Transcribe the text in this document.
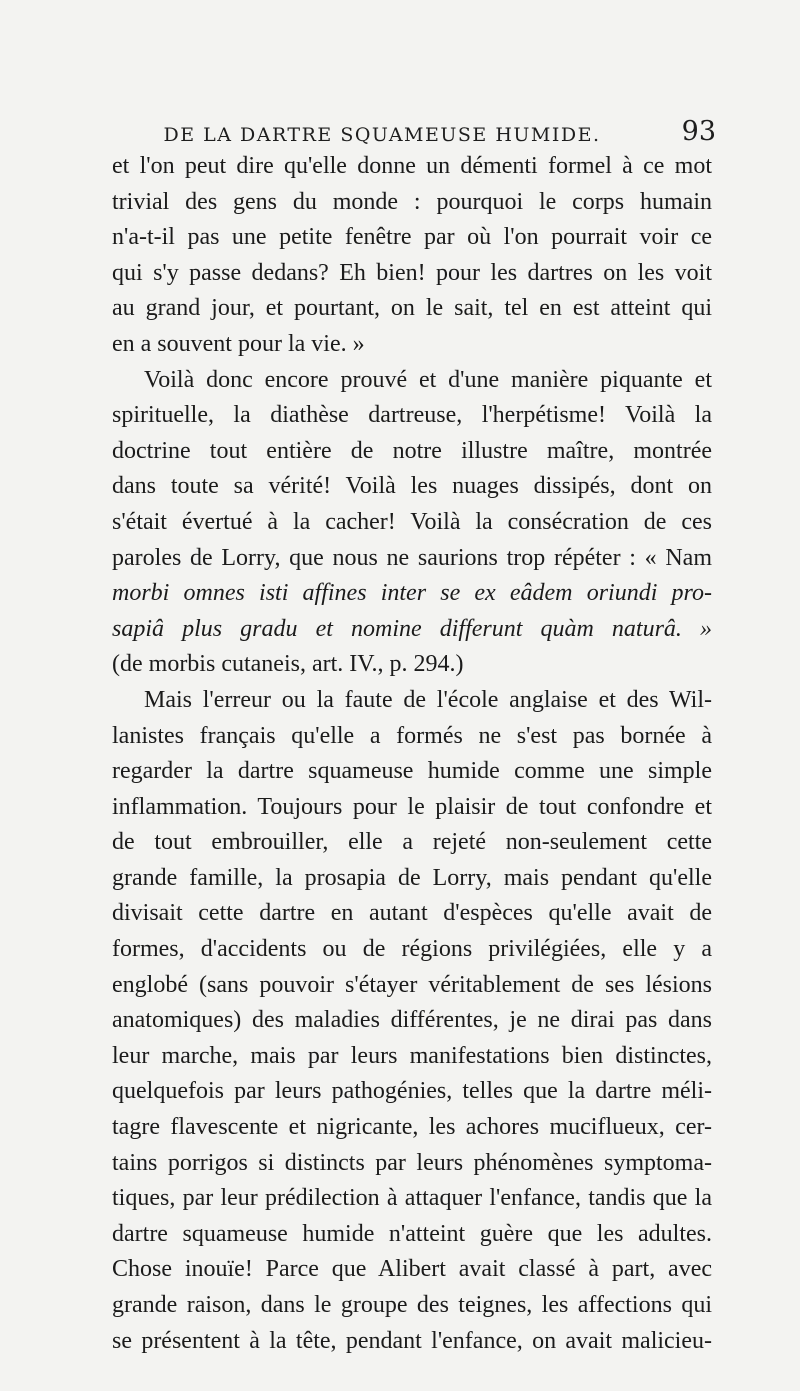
DE LA DARTRE SQUAMEUSE HUMIDE.	93

et l'on peut dire qu'elle donne un démenti formel à ce mot
trivial des gens du monde : pourquoi le corps humain
n'a-t-il pas une petite fenêtre par où l'on pourrait voir ce
qui s'y passe dedans? Eh bien! pour les dartres on les voit
au grand jour, et pourtant, on le sait, tel en est atteint qui
en a souvent pour la vie. »

Voilà donc encore prouvé et d'une manière piquante et
spirituelle, la diathèse dartreuse, l'herpétisme! Voilà la
doctrine tout entière de notre illustre maître, montrée
dans toute sa vérité! Voilà les nuages dissipés, dont on
s'était évertué à la cacher! Voilà la consécration de ces
paroles de Lorry, que nous ne saurions trop répéter : « Nam
morbi omnes isti affines inter se ex eâdem oriundi pro-
sapiâ plus gradu et nomine differunt quàm naturâ. »
(de morbis cutaneis, art. IV., p. 294.)

Mais l'erreur ou la faute de l'école anglaise et des Wil-
lanistes français qu'elle a formés ne s'est pas bornée à
regarder la dartre squameuse humide comme une simple
inflammation. Toujours pour le plaisir de tout confondre et
de tout embrouiller, elle a rejeté non-seulement cette
grande famille, la prosapia de Lorry, mais pendant qu'elle
divisait cette dartre en autant d'espèces qu'elle avait de
formes, d'accidents ou de régions privilégiées, elle y a
englobé (sans pouvoir s'étayer véritablement de ses lésions
anatomiques) des maladies différentes, je ne dirai pas dans
leur marche, mais par leurs manifestations bien distinctes,
quelquefois par leurs pathogénies, telles que la dartre méli-
tagre flavescente et nigricante, les achores mucifluеux, cer-
tains porrigos si distincts par leurs phénomènes symptoma-
tiques, par leur prédilection à attaquer l'enfance, tandis que la
dartre squameuse humide n'atteint guère que les adultes.
Chose inouïe! Parce que Alibert avait classé à part, avec
grande raison, dans le groupe des teignes, les affections qui
se présentent à la tête, pendant l'enfance, on avait malicieu-
